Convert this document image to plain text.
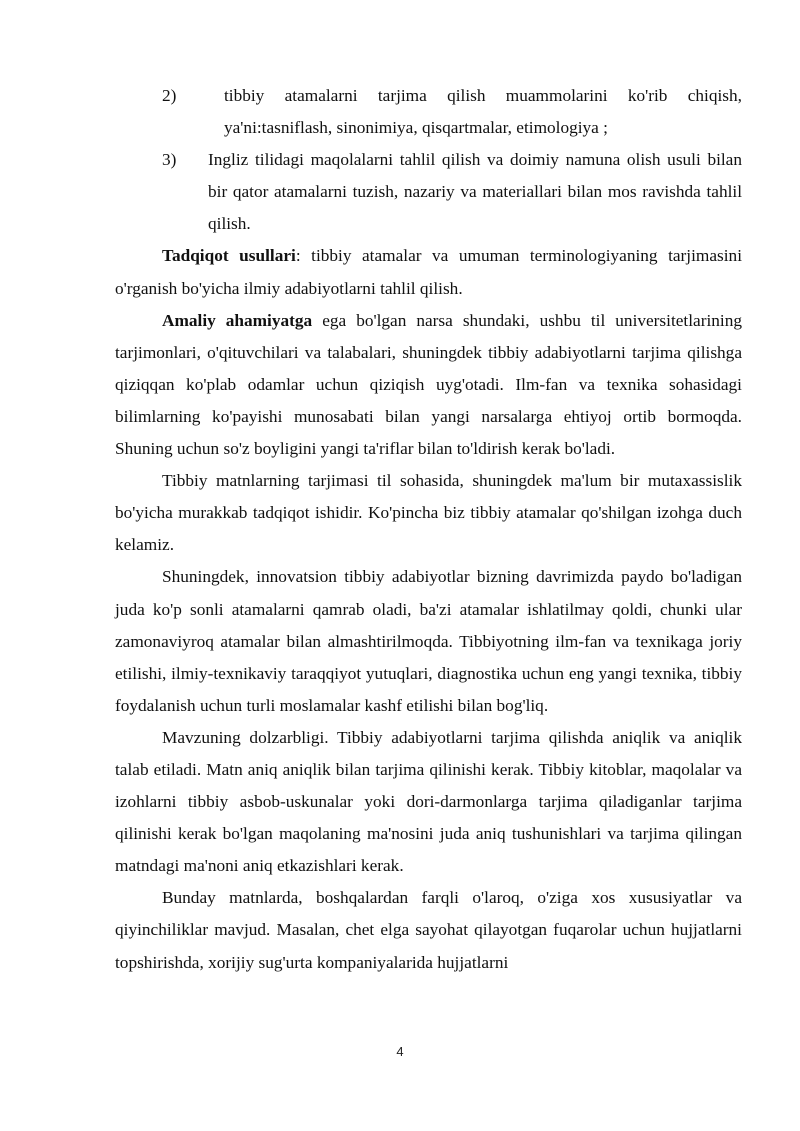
2)	tibbiy atamalarni tarjima qilish muammolarini ko'rib chiqish, ya'ni:tasniflash, sinonimiya, qisqartmalar, etimologiya ;

3)	Ingliz tilidagi maqolalarni tahlil qilish va doimiy namuna olish usuli bilan bir qator atamalarni tuzish, nazariy va materiallari bilan mos ravishda tahlil qilish.

Tadqiqot usullari: tibbiy atamalar va umuman terminologiyaning tarjimasini o'rganish bo'yicha ilmiy adabiyotlarni tahlil qilish.

Amaliy ahamiyatga ega bo'lgan narsa shundaki, ushbu til universitetlarining tarjimonlari, o'qituvchilari va talabalari, shuningdek tibbiy adabiyotlarni tarjima qilishga qiziqqan ko'plab odamlar uchun qiziqish uyg'otadi. Ilm-fan va texnika sohasidagi bilimlarning ko'payishi munosabati bilan yangi narsalarga ehtiyoj ortib bormoqda. Shuning uchun so'z boyligini yangi ta'riflar bilan to'ldirish kerak bo'ladi.

Tibbiy matnlarning tarjimasi til sohasida, shuningdek ma'lum bir mutaxassislik bo'yicha murakkab tadqiqot ishidir. Ko'pincha biz tibbiy atamalar qo'shilgan izohga duch kelamiz.

Shuningdek, innovatsion tibbiy adabiyotlar bizning davrimizda paydo bo'ladigan juda ko'p sonli atamalarni qamrab oladi, ba'zi atamalar ishlatilmay qoldi, chunki ular zamonaviyroq atamalar bilan almashtirilmoqda. Tibbiyotning ilm-fan va texnikaga joriy etilishi, ilmiy-texnikaviy taraqqiyot yutuqlari, diagnostika uchun eng yangi texnika, tibbiy foydalanish uchun turli moslamalar kashf etilishi bilan bog'liq.

Mavzuning dolzarbligi. Tibbiy adabiyotlarni tarjima qilishda aniqlik va aniqlik talab etiladi. Matn aniq aniqlik bilan tarjima qilinishi kerak. Tibbiy kitoblar, maqolalar va izohlarni tibbiy asbob-uskunalar yoki dori-darmonlarga tarjima qiladiganlar tarjima qilinishi kerak bo'lgan maqolaning ma'nosini juda aniq tushunishlari va tarjima qilingan matndagi ma'noni aniq etkazishlari kerak.

Bunday matnlarda, boshqalardan farqli o'laroq, o'ziga xos xususiyatlar va qiyinchiliklar mavjud. Masalan, chet elga sayohat qilayotgan fuqarolar uchun hujjatlarni topshirishda, xorijiy sug'urta kompaniyalarida hujjatlarni

4
